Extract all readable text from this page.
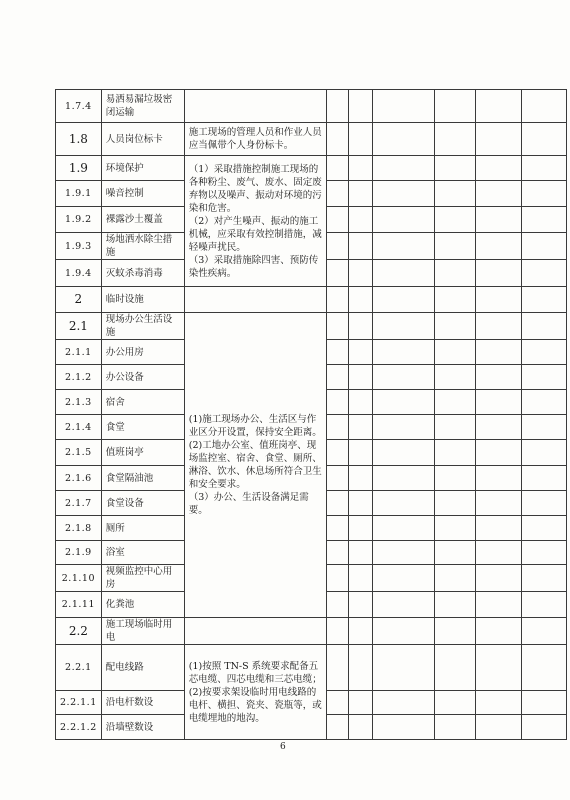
1.7.4	易洒易漏垃圾密闭运输							
1.8	人员岗位标卡	施工现场的管理人员和作业人员应当佩带个人身份标卡。						

1.9	环境保护	（1）采取措施控制施工现场的各种粉尘、废气、废水、固定废弃物以及噪声、振动对环境的污染和危害。

（2）对产生噪声、振动的施工机械，应采取有效控制措施，减轻噪声扰民。

（3）采取措施除四害、预防传染性疾病。						

1.9.1	噪音控制							
1.9.2	裸露沙土覆盖							
1.9.3	场地洒水除尘措施							
1.9.4	灭蚊杀毒消毒							
2	临时设施							
2.1	现场办公生活设施	(1)施工现场办公、生活区与作业区分开设置，保持安全距离。

(2)工地办公室、值班岗亭、现场监控室、宿舍、食堂、厕所、淋浴、饮水、休息场所符合卫生和安全要求。

（3）办公、生活设备满足需要。						

2.1.1	办公用房							
2.1.2	办公设备							
2.1.3	宿舍							
2.1.4	食堂							
2.1.5	值班岗亭							
2.1.6	食堂隔油池							
2.1.7	食堂设备							
2.1.8	厕所							
2.1.9	浴室							
2.1.10	视频监控中心用房							
2.1.11	化粪池							
2.2	施工现场临时用电							
2.2.1	配电线路	(1)按照 TN-S 系统要求配备五芯电缆、四芯电缆和三芯电缆；

(2)按要求架设临时用电线路的电杆、横担、瓷夹、瓷瓶等，或电缆埋地的地沟。						

2.2.1.1	沿电杆数设							
2.2.1.2	沿墙壁数设							
6
